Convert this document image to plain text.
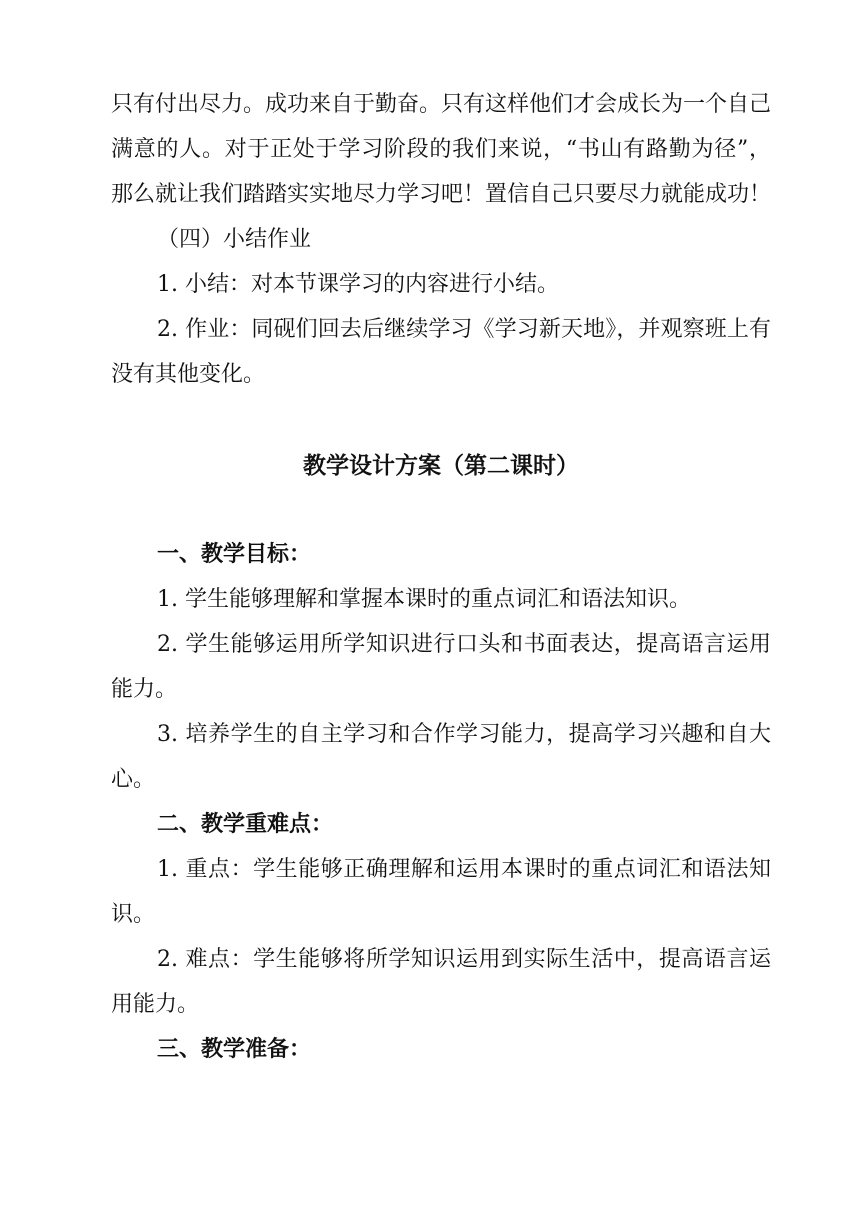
只有付出尽力。成功来自于勤奋。只有这样他们才会成长为一个自己满意的人。对于正处于学习阶段的我们来说，“书山有路勤为径”，那么就让我们踏踏实实地尽力学习吧！置信自己只要尽力就能成功！

（四）小结作业

1. 小结：对本节课学习的内容进行小结。

2. 作业：同砚们回去后继续学习《学习新天地》，并观察班上有没有其他变化。

教学设计方案（第二课时）

一、教学目标：

1. 学生能够理解和掌握本课时的重点词汇和语法知识。

2. 学生能够运用所学知识进行口头和书面表达，提高语言运用能力。

3. 培养学生的自主学习和合作学习能力，提高学习兴趣和自大心。

二、教学重难点：

1. 重点：学生能够正确理解和运用本课时的重点词汇和语法知识。

2. 难点：学生能够将所学知识运用到实际生活中，提高语言运用能力。

三、教学准备：
